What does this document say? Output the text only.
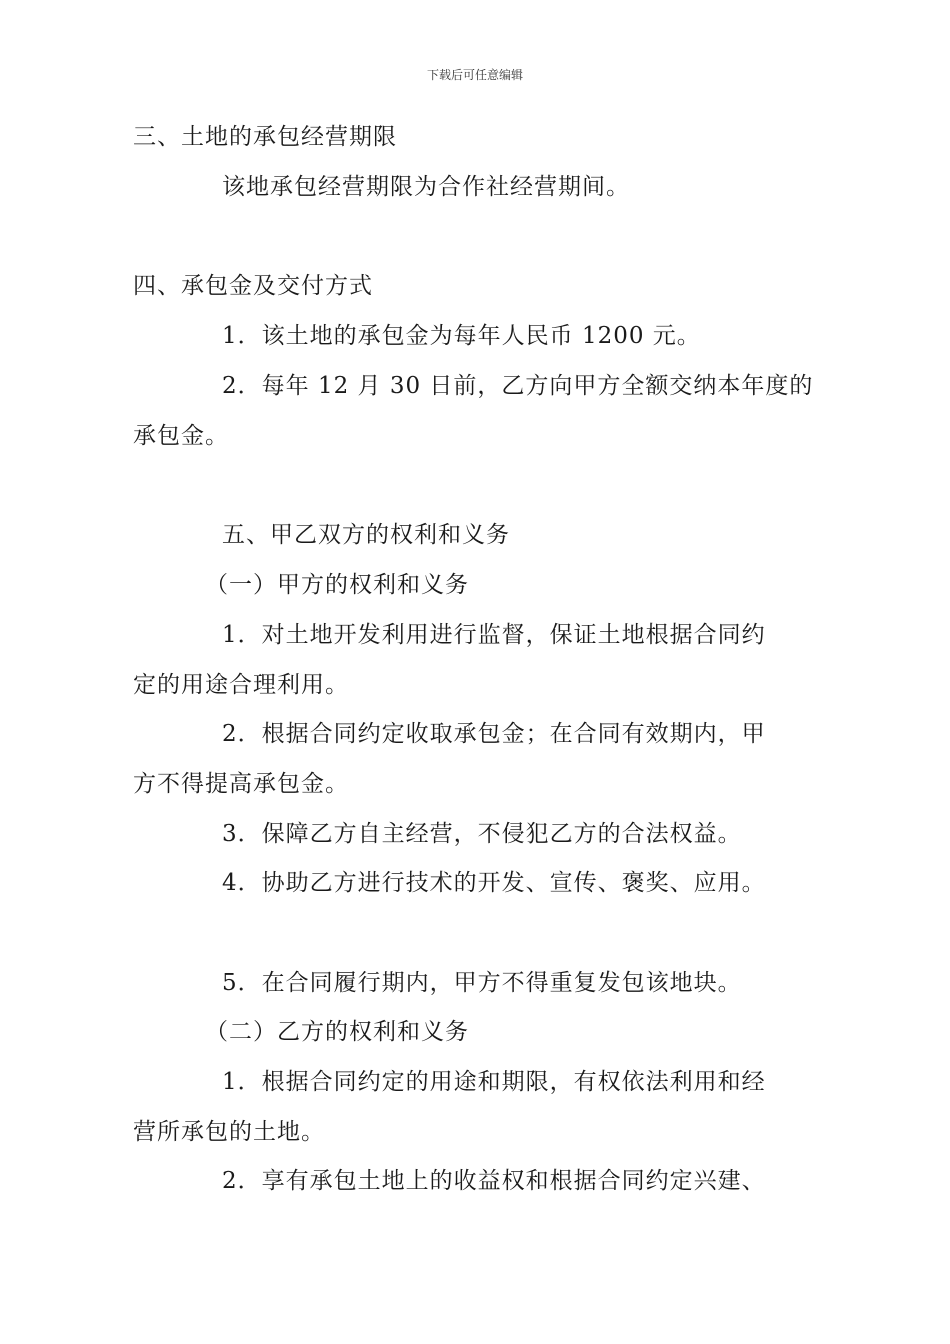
下载后可任意编辑
三、土地的承包经营期限
该地承包经营期限为合作社经营期间。
四、承包金及交付方式
1．该土地的承包金为每年人民币 1200 元。
2．每年 12 月 30 日前，乙方向甲方全额交纳本年度的
承包金。
五、甲乙双方的权利和义务
（一）甲方的权利和义务
1．对土地开发利用进行监督，保证土地根据合同约
定的用途合理利用。
2．根据合同约定收取承包金；在合同有效期内，甲
方不得提高承包金。
3．保障乙方自主经营，不侵犯乙方的合法权益。
4．协助乙方进行技术的开发、宣传、褒奖、应用。
5．在合同履行期内，甲方不得重复发包该地块。
（二）乙方的权利和义务
1．根据合同约定的用途和期限，有权依法利用和经
营所承包的土地。
2．享有承包土地上的收益权和根据合同约定兴建、
